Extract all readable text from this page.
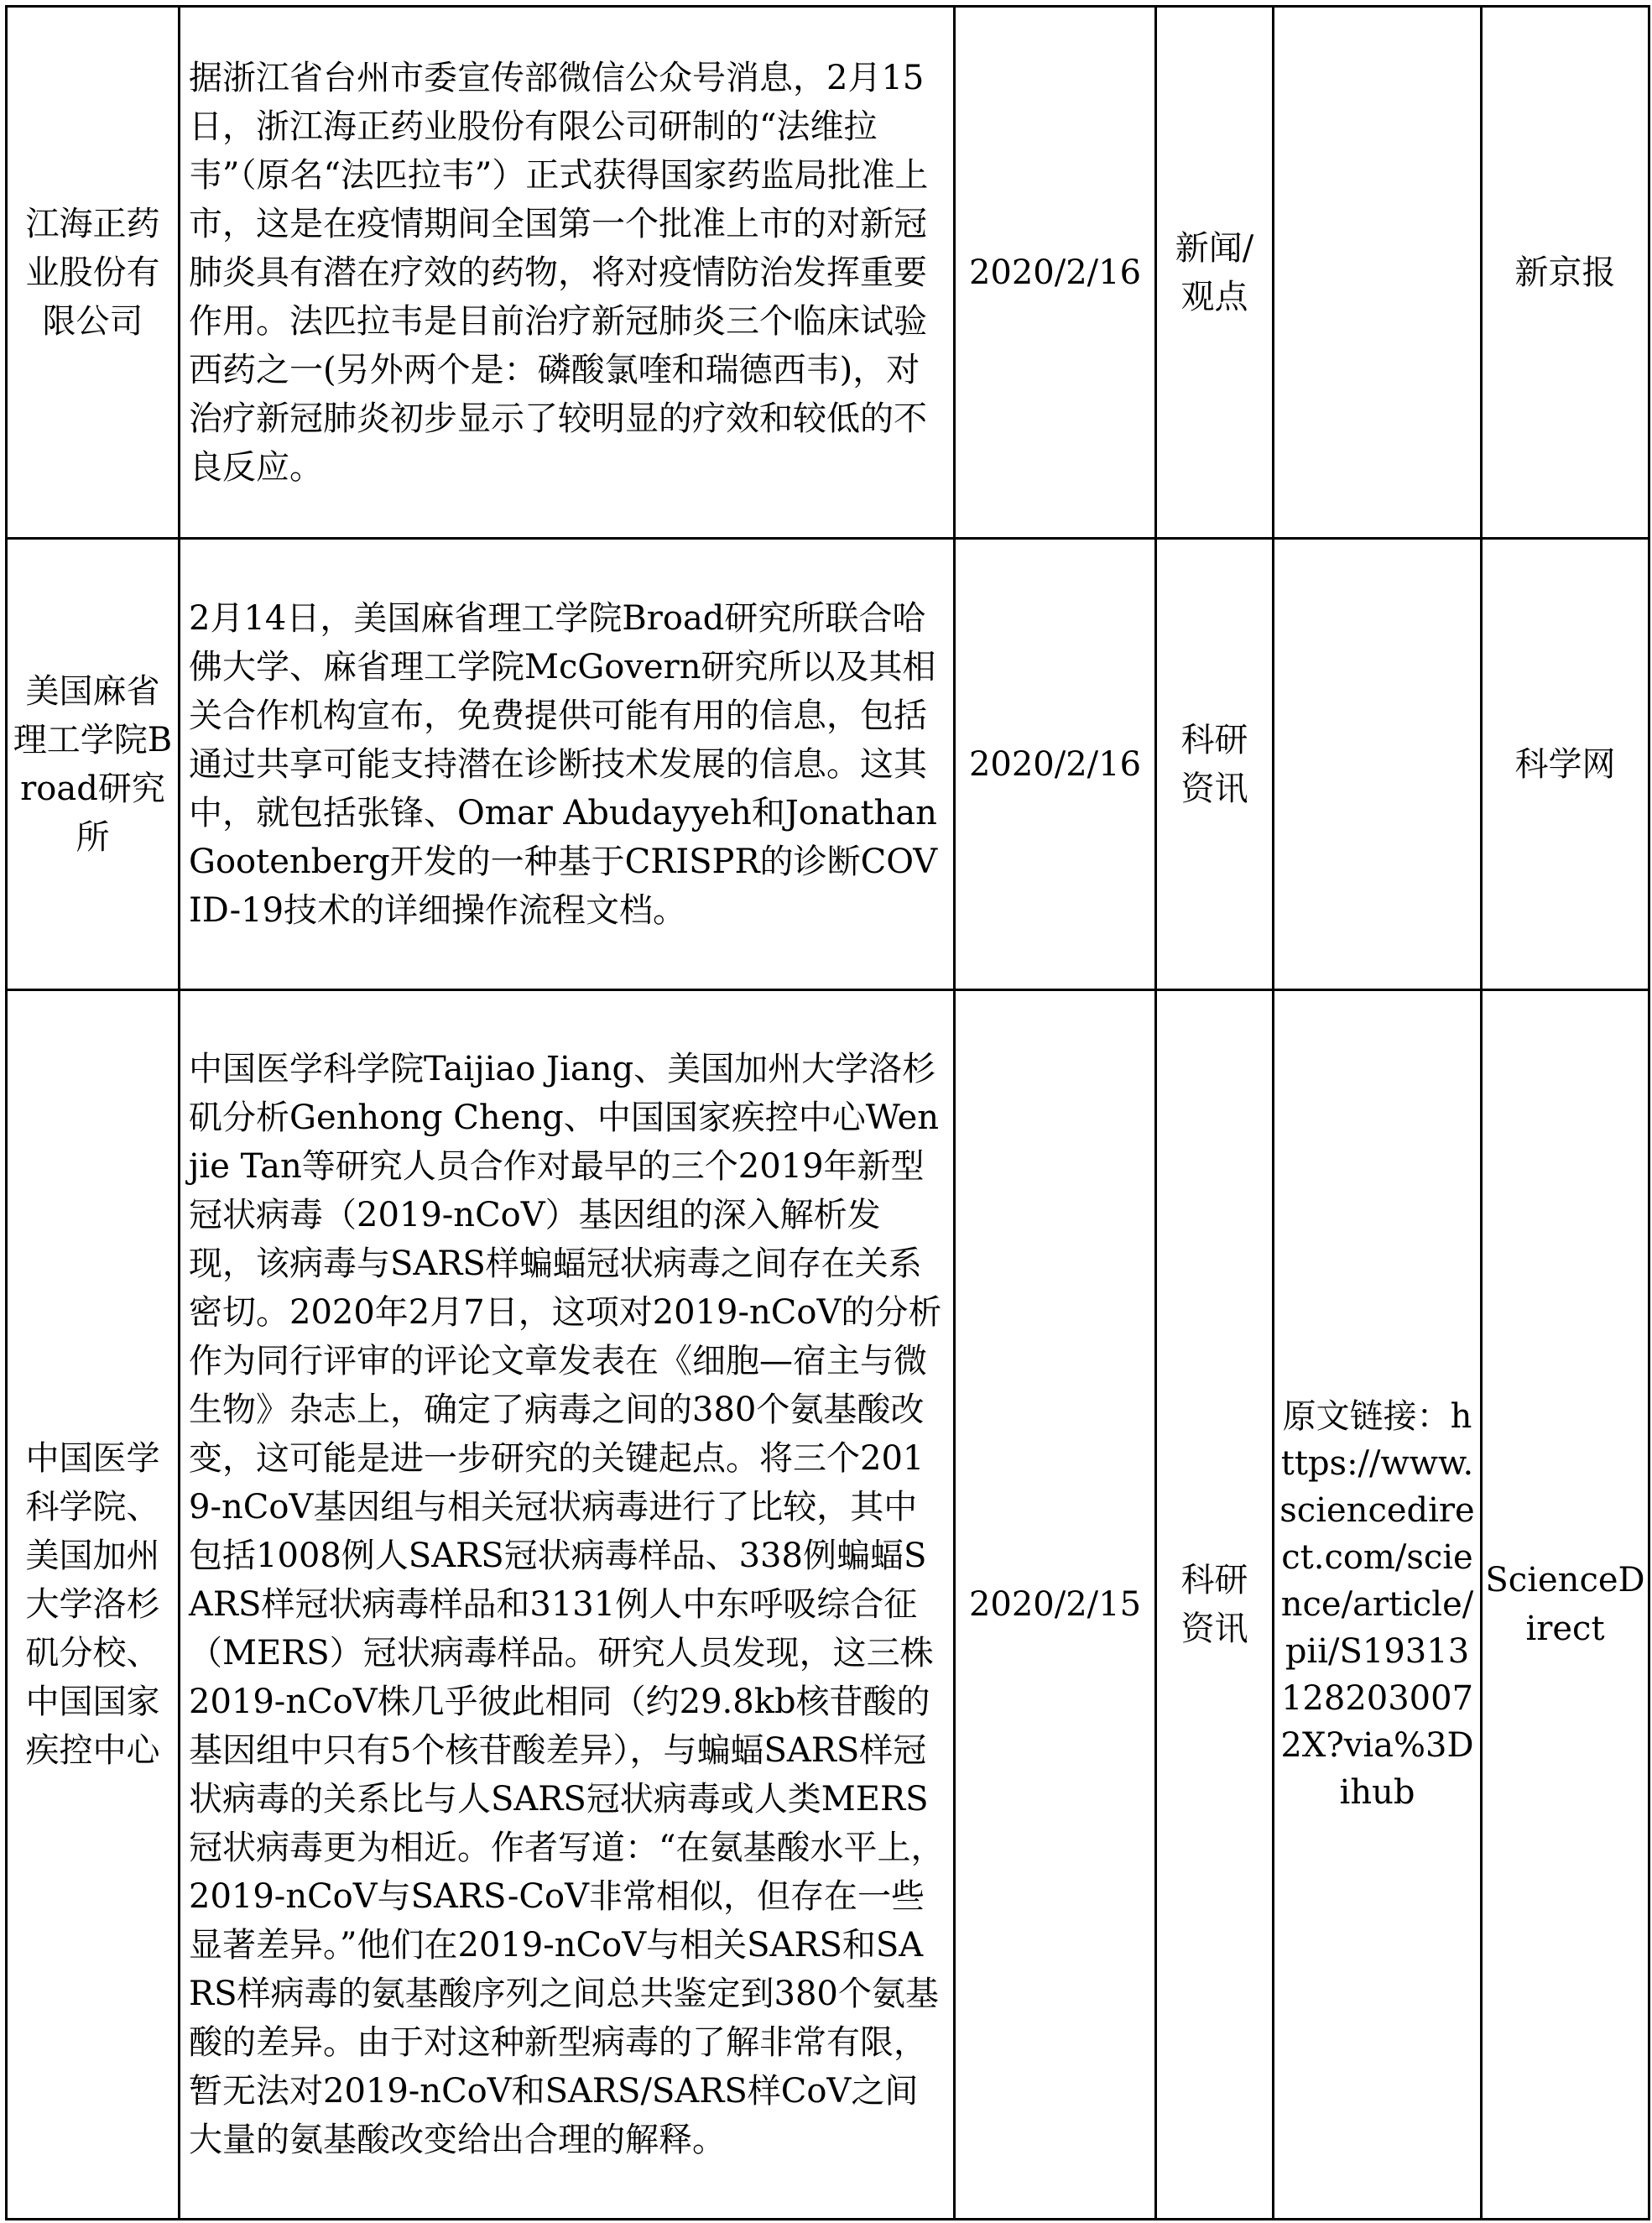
江海正药业股份有限公司	据浙江省台州市委宣传部微信公众号消息，2月15日，浙江海正药业股份有限公司研制的“法维拉韦”（原名“法匹拉韦”）正式获得国家药监局批准上市，这是在疫情期间全国第一个批准上市的对新冠肺炎具有潜在疗效的药物，将对疫情防治发挥重要作用。法匹拉韦是目前治疗新冠肺炎三个临床试验西药之一(另外两个是：磷酸氯喹和瑞德西韦)，对治疗新冠肺炎初步显示了较明显的疗效和较低的不良反应。	2020/2/16	新闻/观点		新京报
美国麻省理工学院Broad研究所	2月14日，美国麻省理工学院Broad研究所联合哈佛大学、麻省理工学院McGovern研究所以及其相关合作机构宣布，免费提供可能有用的信息，包括通过共享可能支持潜在诊断技术发展的信息。这其中，就包括张锋、Omar Abudayyeh和Jonathan Gootenberg开发的一种基于CRISPR的诊断COVID-19技术的详细操作流程文档。	2020/2/16	科研资讯		科学网
中国医学科学院、美国加州大学洛杉矶分校、中国国家疾控中心	中国医学科学院Taijiao Jiang、美国加州大学洛杉矶分析Genhong Cheng、中国国家疾控中心Wenjie Tan等研究人员合作对最早的三个2019年新型冠状病毒（2019-nCoV）基因组的深入解析发现，该病毒与SARS样蝙蝠冠状病毒之间存在关系密切。2020年2月7日，这项对2019-nCoV的分析作为同行评审的评论文章发表在《细胞—宿主与微生物》杂志上，确定了病毒之间的380个氨基酸改变，这可能是进一步研究的关键起点。将三个2019-nCoV基因组与相关冠状病毒进行了比较，其中包括1008例人SARS冠状病毒样品、338例蝙蝠SARS样冠状病毒样品和3131例人中东呼吸综合征（MERS）冠状病毒样品。研究人员发现，这三株2019-nCoV株几乎彼此相同（约29.8kb核苷酸的基因组中只有5个核苷酸差异），与蝙蝠SARS样冠状病毒的关系比与人SARS冠状病毒或人类MERS冠状病毒更为相近。作者写道：“在氨基酸水平上，2019-nCoV与SARS-CoV非常相似，但存在一些显著差异。”他们在2019-nCoV与相关SARS和SARS样病毒的氨基酸序列之间总共鉴定到380个氨基酸的差异。由于对这种新型病毒的了解非常有限，暂无法对2019-nCoV和SARS/SARS样CoV之间大量的氨基酸改变给出合理的解释。	2020/2/15	科研资讯	原文链接：https://www.sciencedirect.com/science/article/pii/S193131282030072X?via%3Dihub	ScienceDirect
